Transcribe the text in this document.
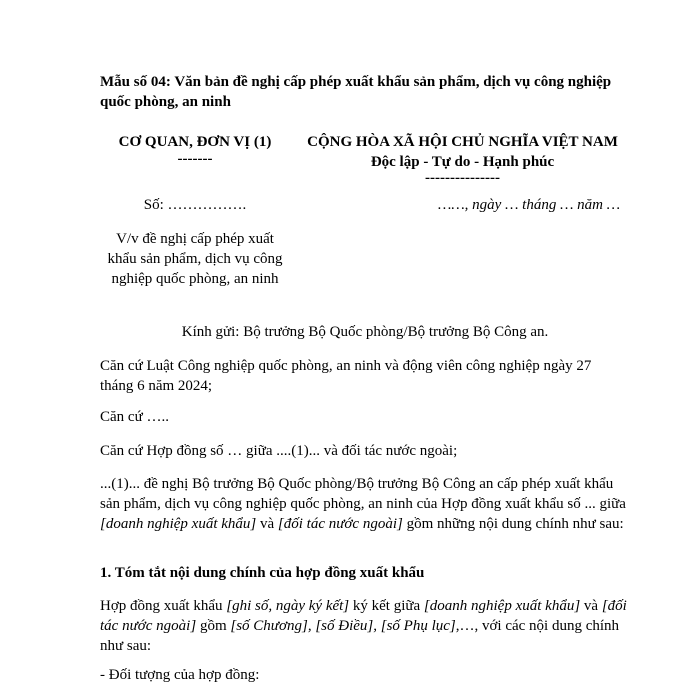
Mẫu số 04: Văn bản đề nghị cấp phép xuất khẩu sản phẩm, dịch vụ công nghiệp quốc phòng, an ninh
CƠ QUAN, ĐƠN VỊ (1)
-------
CỘNG HÒA XÃ HỘI CHỦ NGHĨA VIỆT NAM
Độc lập - Tự do - Hạnh phúc
---------------
Số: …………….	……, ngày … tháng … năm …
V/v đề nghị cấp phép xuất khẩu sản phẩm, dịch vụ công nghiệp quốc phòng, an ninh
Kính gửi: Bộ trưởng Bộ Quốc phòng/Bộ trưởng Bộ Công an.

Căn cứ Luật Công nghiệp quốc phòng, an ninh và động viên công nghiệp ngày 27 tháng 6 năm 2024;

Căn cứ …..

Căn cứ Hợp đồng số … giữa ....(1)... và đối tác nước ngoài;

...(1)... đề nghị Bộ trưởng Bộ Quốc phòng/Bộ trưởng Bộ Công an cấp phép xuất khẩu sản phẩm, dịch vụ công nghiệp quốc phòng, an ninh của Hợp đồng xuất khẩu số ... giữa [doanh nghiệp xuất khẩu] và [đối tác nước ngoài] gồm những nội dung chính như sau:

1. Tóm tắt nội dung chính của hợp đồng xuất khẩu

Hợp đồng xuất khẩu [ghi số, ngày ký kết] ký kết giữa [doanh nghiệp xuất khẩu] và [đối tác nước ngoài] gồm [số Chương], [số Điều], [số Phụ lục],…, với các nội dung chính như sau:

- Đối tượng của hợp đồng:
